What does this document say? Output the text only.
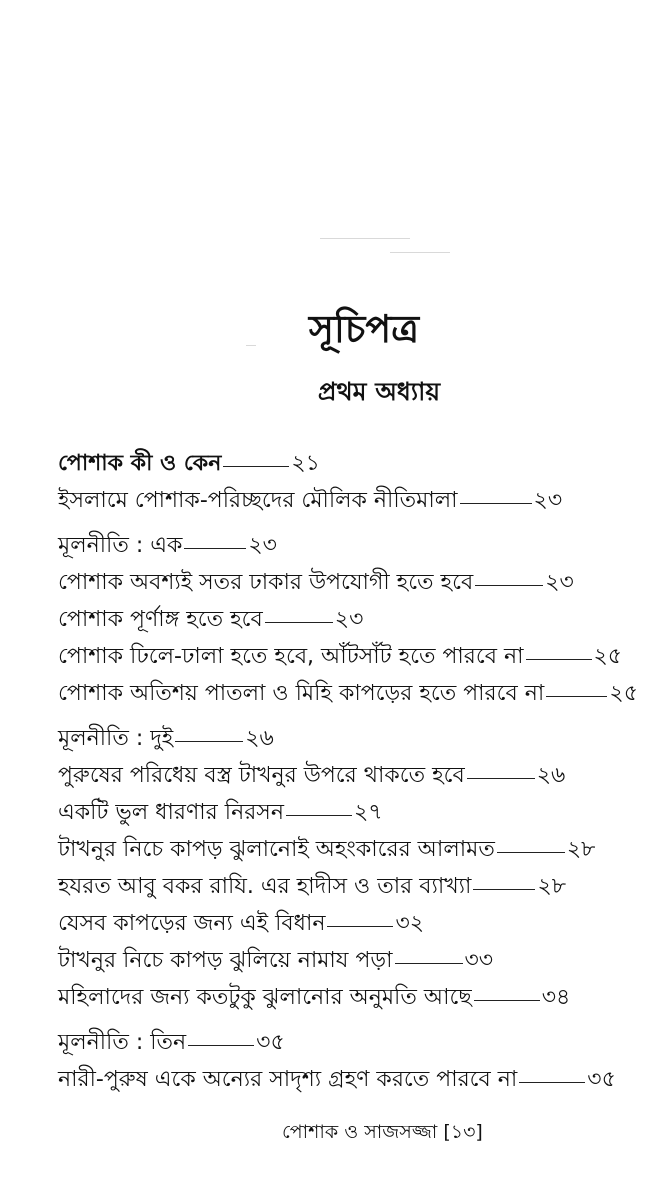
সূচিপত্র
প্রথম অধ্যায়
পোশাক কী ও কেন	২১
ইসলামে পোশাক-পরিচ্ছদের মৌলিক নীতিমালা	২৩
মূলনীতি : এক	২৩
পোশাক অবশ্যই সতর ঢাকার উপযোগী হতে হবে	২৩
পোশাক পূর্ণাঙ্গ হতে হবে	২৩
পোশাক ঢিলে-ঢালা হতে হবে, আঁটসাঁট হতে পারবে না	২৫
পোশাক অতিশয় পাতলা ও মিহি কাপড়ের হতে পারবে না	২৫
মূলনীতি : দুই	২৬
পুরুষের পরিধেয় বস্ত্র টাখনুর উপরে থাকতে হবে	২৬
একটি ভুল ধারণার নিরসন	২৭
টাখনুর নিচে কাপড় ঝুলানোই অহংকারের আলামত	২৮
হযরত আবু বকর রাযি. এর হাদীস ও তার ব্যাখ্যা	২৮
যেসব কাপড়ের জন্য এই বিধান	৩২
টাখনুর নিচে কাপড় ঝুলিয়ে নামায পড়া	৩৩
মহিলাদের জন্য কতটুকু ঝুলানোর অনুমতি আছে	৩৪
মূলনীতি : তিন	৩৫
নারী-পুরুষ একে অন্যের সাদৃশ্য গ্রহণ করতে পারবে না	৩৫
পোশাক ও সাজসজ্জা [১৩]
